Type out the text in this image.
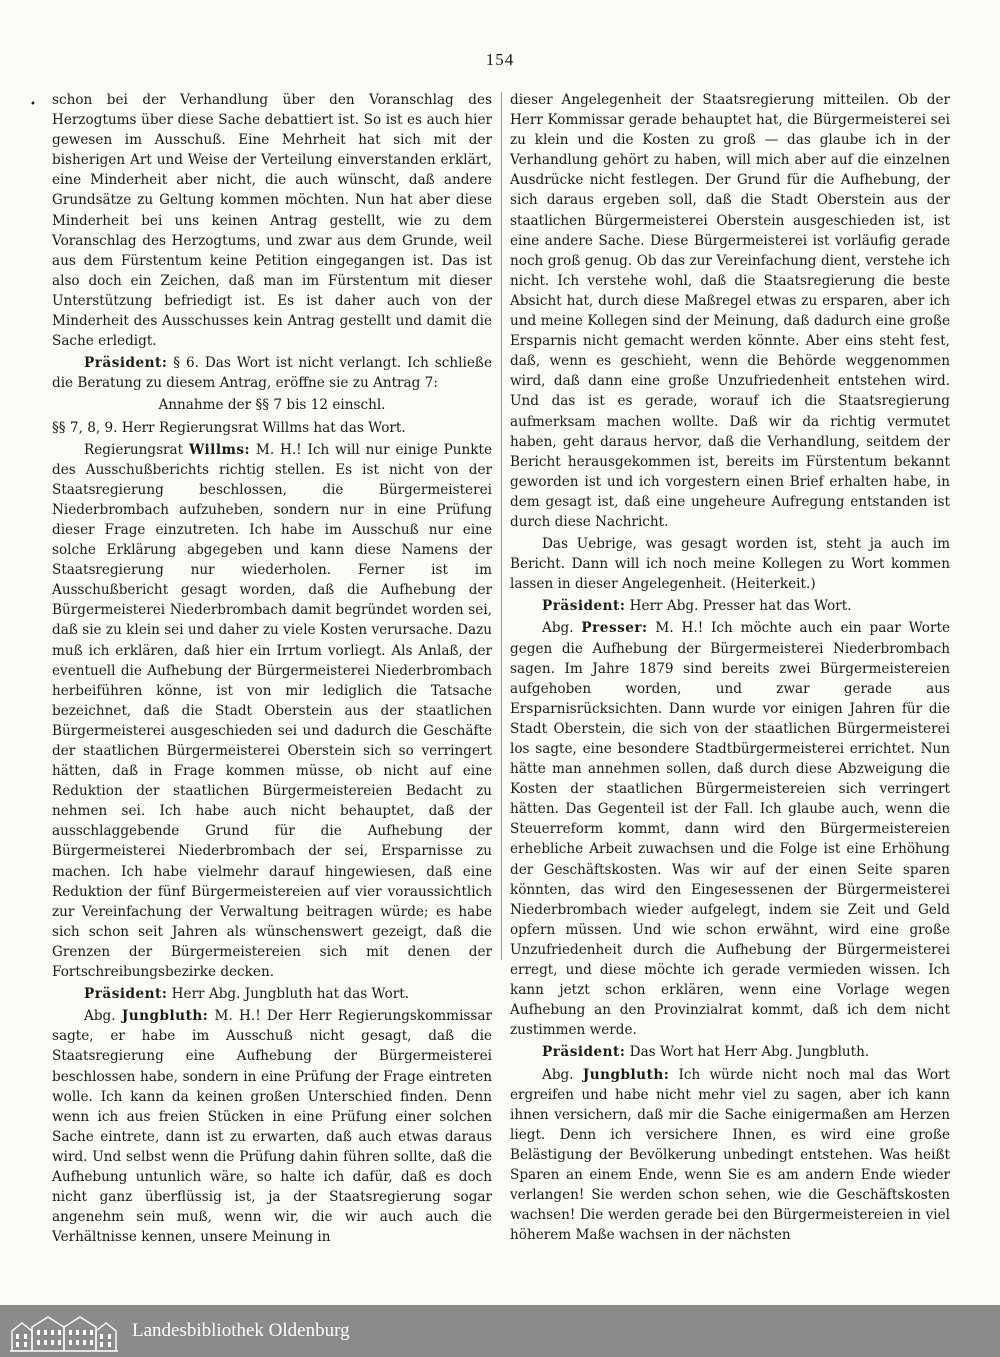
154
• schon bei der Verhandlung über den Voranschlag des Herzogtums über diese Sache debattiert ist. So ist es auch hier gewesen im Ausschuß. Eine Mehrheit hat sich mit der bisherigen Art und Weise der Verteilung einverstanden erklärt, eine Minderheit aber nicht, die auch wünscht, daß andere Grundsätze zu Geltung kommen möchten. Nun hat aber diese Minderheit bei uns keinen Antrag gestellt, wie zu dem Voranschlag des Herzogtums, und zwar aus dem Grunde, weil aus dem Fürstentum keine Petition eingegangen ist. Das ist also doch ein Zeichen, daß man im Fürstentum mit dieser Unterstützung befriedigt ist. Es ist daher auch von der Minderheit des Ausschusses kein Antrag gestellt und damit die Sache erledigt.

Präsident: § 6. Das Wort ist nicht verlangt. Ich schließe die Beratung zu diesem Antrag, eröffne sie zu Antrag 7:

Annahme der §§ 7 bis 12 einschl.

§§ 7, 8, 9. Herr Regierungsrat Willms hat das Wort.

Regierungsrat Willms: M. H.! Ich will nur einige Punkte des Ausschußberichts richtig stellen. Es ist nicht von der Staatsregierung beschlossen, die Bürgermeisterei Niederbrombach aufzuheben, sondern nur in eine Prüfung dieser Frage einzutreten. Ich habe im Ausschuß nur eine solche Erklärung abgegeben und kann diese Namens der Staatsregierung nur wiederholen. Ferner ist im Ausschußbericht gesagt worden, daß die Aufhebung der Bürgermeisterei Niederbrombach damit begründet worden sei, daß sie zu klein sei und daher zu viele Kosten verursache. Dazu muß ich erklären, daß hier ein Irrtum vorliegt. Als Anlaß, der eventuell die Aufhebung der Bürgermeisterei Niederbrombach herbeiführen könne, ist von mir lediglich die Tatsache bezeichnet, daß die Stadt Oberstein aus der staatlichen Bürgermeisterei ausgeschieden sei und dadurch die Geschäfte der staatlichen Bürgermeisterei Oberstein sich so verringert hätten, daß in Frage kommen müsse, ob nicht auf eine Reduktion der staatlichen Bürgermeistereien Bedacht zu nehmen sei. Ich habe auch nicht behauptet, daß der ausschlaggebende Grund für die Aufhebung der Bürgermeisterei Niederbrombach der sei, Ersparnisse zu machen. Ich habe vielmehr darauf hingewiesen, daß eine Reduktion der fünf Bürgermeistereien auf vier voraussichtlich zur Vereinfachung der Verwaltung beitragen würde; es habe sich schon seit Jahren als wünschenswert gezeigt, daß die Grenzen der Bürgermeistereien sich mit denen der Fortschreibungsbezirke decken.

Präsident: Herr Abg. Jungbluth hat das Wort.

Abg. Jungbluth: M. H.! Der Herr Regierungskommissar sagte, er habe im Ausschuß nicht gesagt, daß die Staatsregierung eine Aufhebung der Bürgermeisterei beschlossen habe, sondern in eine Prüfung der Frage eintreten wolle. Ich kann da keinen großen Unterschied finden. Denn wenn ich aus freien Stücken in eine Prüfung einer solchen Sache eintrete, dann ist zu erwarten, daß auch etwas daraus wird. Und selbst wenn die Prüfung dahin führen sollte, daß die Aufhebung untunlich wäre, so halte ich dafür, daß es doch nicht ganz überflüssig ist, ja der Staatsregierung sogar angenehm sein muß, wenn wir, die wir auch auch die Verhältnisse kennen, unsere Meinung in

dieser Angelegenheit der Staatsregierung mitteilen. Ob der Herr Kommissar gerade behauptet hat, die Bürgermeisterei sei zu klein und die Kosten zu groß — das glaube ich in der Verhandlung gehört zu haben, will mich aber auf die einzelnen Ausdrücke nicht festlegen. Der Grund für die Aufhebung, der sich daraus ergeben soll, daß die Stadt Oberstein aus der staatlichen Bürgermeisterei Oberstein ausgeschieden ist, ist eine andere Sache. Diese Bürgermeisterei ist vorläufig gerade noch groß genug. Ob das zur Vereinfachung dient, verstehe ich nicht. Ich verstehe wohl, daß die Staatsregierung die beste Absicht hat, durch diese Maßregel etwas zu ersparen, aber ich und meine Kollegen sind der Meinung, daß dadurch eine große Ersparnis nicht gemacht werden könnte. Aber eins steht fest, daß, wenn es geschieht, wenn die Behörde weggenommen wird, daß dann eine große Unzufriedenheit entstehen wird. Und das ist es gerade, worauf ich die Staatsregierung aufmerksam machen wollte. Daß wir da richtig vermutet haben, geht daraus hervor, daß die Verhandlung, seitdem der Bericht herausgekommen ist, bereits im Fürstentum bekannt geworden ist und ich vorgestern einen Brief erhalten habe, in dem gesagt ist, daß eine ungeheure Aufregung entstanden ist durch diese Nachricht.

Das Uebrige, was gesagt worden ist, steht ja auch im Bericht. Dann will ich noch meine Kollegen zu Wort kommen lassen in dieser Angelegenheit. (Heiterkeit.)

Präsident: Herr Abg. Presser hat das Wort.

Abg. Presser: M. H.! Ich möchte auch ein paar Worte gegen die Aufhebung der Bürgermeisterei Niederbrombach sagen. Im Jahre 1879 sind bereits zwei Bürgermeistereien aufgehoben worden, und zwar gerade aus Ersparnisrücksichten. Dann wurde vor einigen Jahren für die Stadt Oberstein, die sich von der staatlichen Bürgermeisterei los sagte, eine besondere Stadtbürgermeisterei errichtet. Nun hätte man annehmen sollen, daß durch diese Abzweigung die Kosten der staatlichen Bürgermeistereien sich verringert hätten. Das Gegenteil ist der Fall. Ich glaube auch, wenn die Steuerreform kommt, dann wird den Bürgermeistereien erhebliche Arbeit zuwachsen und die Folge ist eine Erhöhung der Geschäftskosten. Was wir auf der einen Seite sparen könnten, das wird den Eingesessenen der Bürgermeisterei Niederbrombach wieder aufgelegt, indem sie Zeit und Geld opfern müssen. Und wie schon erwähnt, wird eine große Unzufriedenheit durch die Aufhebung der Bürgermeisterei erregt, und diese möchte ich gerade vermieden wissen. Ich kann jetzt schon erklären, wenn eine Vorlage wegen Aufhebung an den Provinzialrat kommt, daß ich dem nicht zustimmen werde.

Präsident: Das Wort hat Herr Abg. Jungbluth.

Abg. Jungbluth: Ich würde nicht noch mal das Wort ergreifen und habe nicht mehr viel zu sagen, aber ich kann ihnen versichern, daß mir die Sache einigermaßen am Herzen liegt. Denn ich versichere Ihnen, es wird eine große Belästigung der Bevölkerung unbedingt entstehen. Was heißt Sparen an einem Ende, wenn Sie es am andern Ende wieder verlangen! Sie werden schon sehen, wie die Geschäftskosten wachsen! Die werden gerade bei den Bürgermeistereien in viel höherem Maße wachsen in der nächsten

Landesbibliothek Oldenburg
